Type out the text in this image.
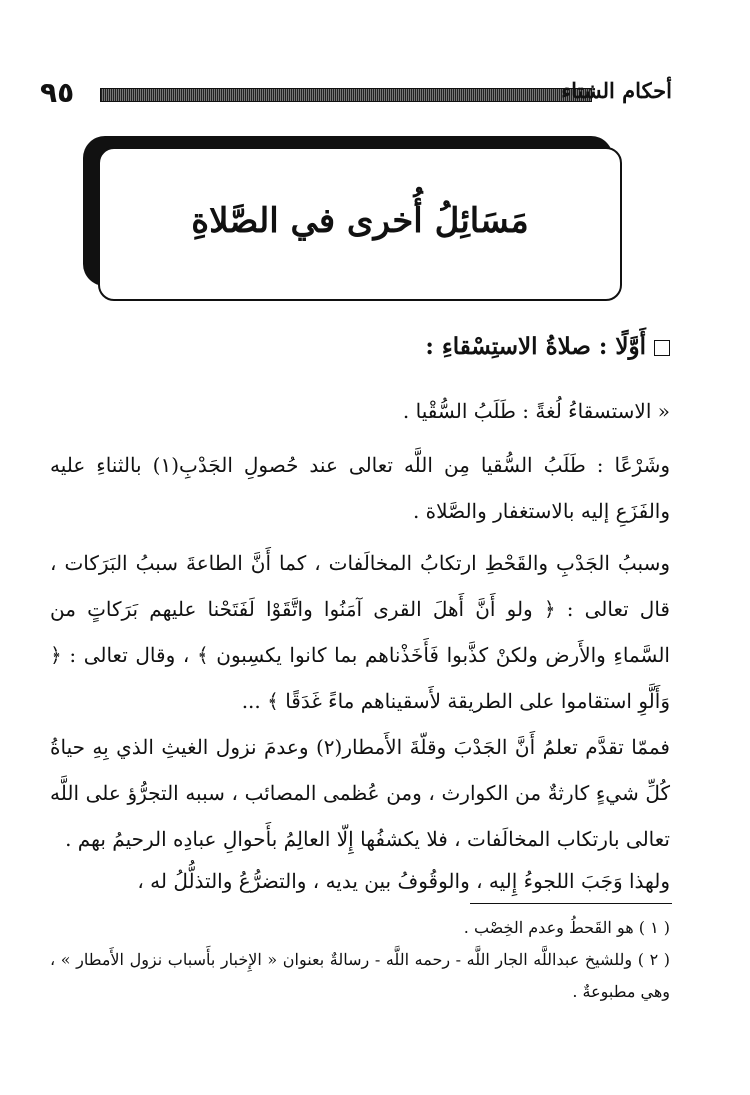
٩٥	أحكام الشتاء
مَسَائِلُ أُخرى في الصَّلاةِ
أَوَّلًا : صلاةُ الاستِسْقاءِ :
« الاستسقاءُ لُغةً : طَلَبُ السُّقْيا .
وشَرْعًا : طَلَبُ السُّقيا مِن اللَّه تعالى عند حُصولِ الجَدْبِ(١) بالثناءِ عليه والفَزَعِ إليه بالاستغفار والصَّلاة .
وسببُ الجَدْبِ والقَحْطِ ارتكابُ المخالَفات ، كما أَنَّ الطاعةَ سببُ البَرَكات ، قال تعالى : ﴿ ولو أَنَّ أَهلَ القرى آمَنُوا واتَّقَوْا لَفَتَحْنا عليهم بَرَكاتٍ من السَّماءِ والأَرض ولكنْ كذَّبوا فَأَخَذْناهم بما كانوا يكسِبون ﴾ ، وقال تعالى : ﴿ وَأَلَّوِ استقاموا على الطريقة لأَسقيناهم ماءً غَدَقًا ﴾ ...
فممّا تقدَّم تعلمُ أَنَّ الجَدْبَ وقلّةَ الأَمطار(٢) وعدمَ نزول الغيثِ الذي بِهِ حياةُ كُلِّ شيءٍ كارثةٌ من الكوارث ، ومن عُظمى المصائب ، سببه التجرُّؤ على اللَّه تعالى بارتكاب المخالَفات ، فلا يكشفُها إِلّا العالِمُ بأَحوالِ عبادِه الرحيمُ بهم .
ولهذا وَجَبَ اللجوءُ إِليه ، والوقُوفُ بين يديه ، والتضرُّعُ والتذلُّلُ له ،
( ١ ) هو القَحطُ وعدم الخِصْب .
( ٢ ) وللشيخ عبداللَّه الجار اللَّه - رحمه اللَّه - رسالةٌ بعنوان « الإِخبار بأَسباب نزول الأَمطار » ، وهي مطبوعةٌ .
